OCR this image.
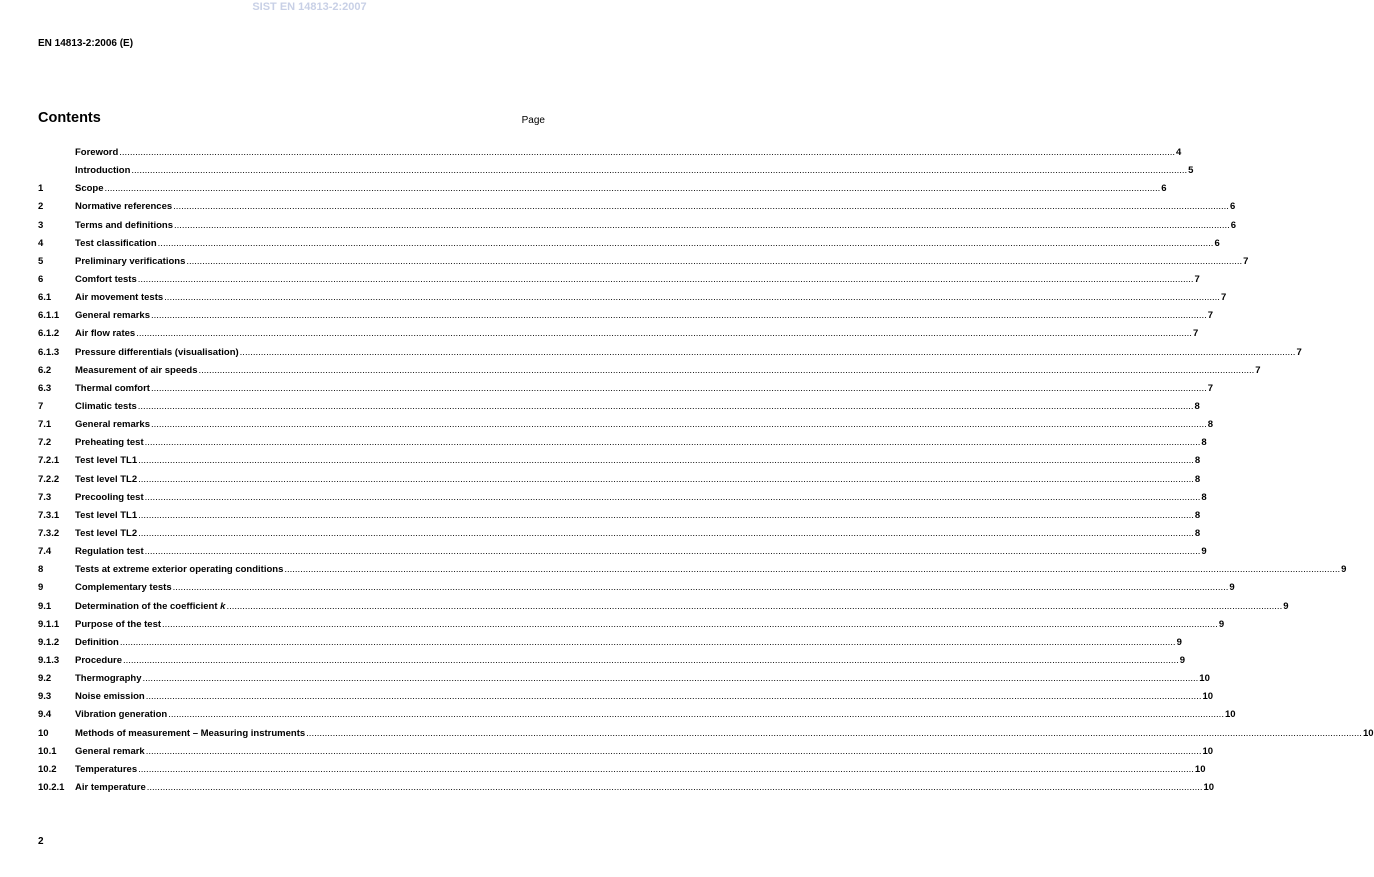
SIST EN 14813-2:2007
EN 14813-2:2006 (E)
Contents	Page
Foreword ................................................................................................................................................................................................................................................................................................................................................................................................................ 4
Introduction ................................................................................................................................................................................................................................................................................................................................................................................................................ 5
1	Scope ................................................................................................................................................................................................................................................................................................................................................................................................................ 6
2	Normative references ................................................................................................................................................................................................................................................................................................................................................................................................................ 6
3	Terms and definitions ................................................................................................................................................................................................................................................................................................................................................................................................................ 6
4	Test classification ................................................................................................................................................................................................................................................................................................................................................................................................................ 6
5	Preliminary verifications ................................................................................................................................................................................................................................................................................................................................................................................................................ 7
6	Comfort tests ................................................................................................................................................................................................................................................................................................................................................................................................................ 7
6.1	Air movement tests ................................................................................................................................................................................................................................................................................................................................................................................................................ 7
6.1.1	General remarks ................................................................................................................................................................................................................................................................................................................................................................................................................ 7
6.1.2	Air flow rates ................................................................................................................................................................................................................................................................................................................................................................................................................ 7
6.1.3	Pressure differentials (visualisation) ................................................................................................................................................................................................................................................................................................................................................................................................................ 7
6.2	Measurement of air speeds ................................................................................................................................................................................................................................................................................................................................................................................................................ 7
6.3	Thermal comfort ................................................................................................................................................................................................................................................................................................................................................................................................................ 7
7	Climatic tests ................................................................................................................................................................................................................................................................................................................................................................................................................ 8
7.1	General remarks ................................................................................................................................................................................................................................................................................................................................................................................................................ 8
7.2	Preheating test ................................................................................................................................................................................................................................................................................................................................................................................................................ 8
7.2.1	Test level TL1 ................................................................................................................................................................................................................................................................................................................................................................................................................ 8
7.2.2	Test level TL2 ................................................................................................................................................................................................................................................................................................................................................................................................................ 8
7.3	Precooling test ................................................................................................................................................................................................................................................................................................................................................................................................................ 8
7.3.1	Test level TL1 ................................................................................................................................................................................................................................................................................................................................................................................................................ 8
7.3.2	Test level TL2 ................................................................................................................................................................................................................................................................................................................................................................................................................ 8
7.4	Regulation test ................................................................................................................................................................................................................................................................................................................................................................................................................ 9
8	Tests at extreme exterior operating conditions ................................................................................................................................................................................................................................................................................................................................................................................................................ 9
9	Complementary tests ................................................................................................................................................................................................................................................................................................................................................................................................................ 9
9.1	Determination of the coefficient k ................................................................................................................................................................................................................................................................................................................................................................................................................ 9
9.1.1	Purpose of the test ................................................................................................................................................................................................................................................................................................................................................................................................................ 9
9.1.2	Definition ................................................................................................................................................................................................................................................................................................................................................................................................................ 9
9.1.3	Procedure ................................................................................................................................................................................................................................................................................................................................................................................................................ 9
9.2	Thermography ................................................................................................................................................................................................................................................................................................................................................................................................................ 10
9.3	Noise emission ................................................................................................................................................................................................................................................................................................................................................................................................................ 10
9.4	Vibration generation ................................................................................................................................................................................................................................................................................................................................................................................................................ 10
10	Methods of measurement – Measuring instruments ................................................................................................................................................................................................................................................................................................................................................................................................................ 10
10.1	General remark ................................................................................................................................................................................................................................................................................................................................................................................................................ 10
10.2	Temperatures ................................................................................................................................................................................................................................................................................................................................................................................................................ 10
10.2.1	Air temperature ................................................................................................................................................................................................................................................................................................................................................................................................................ 10
2
